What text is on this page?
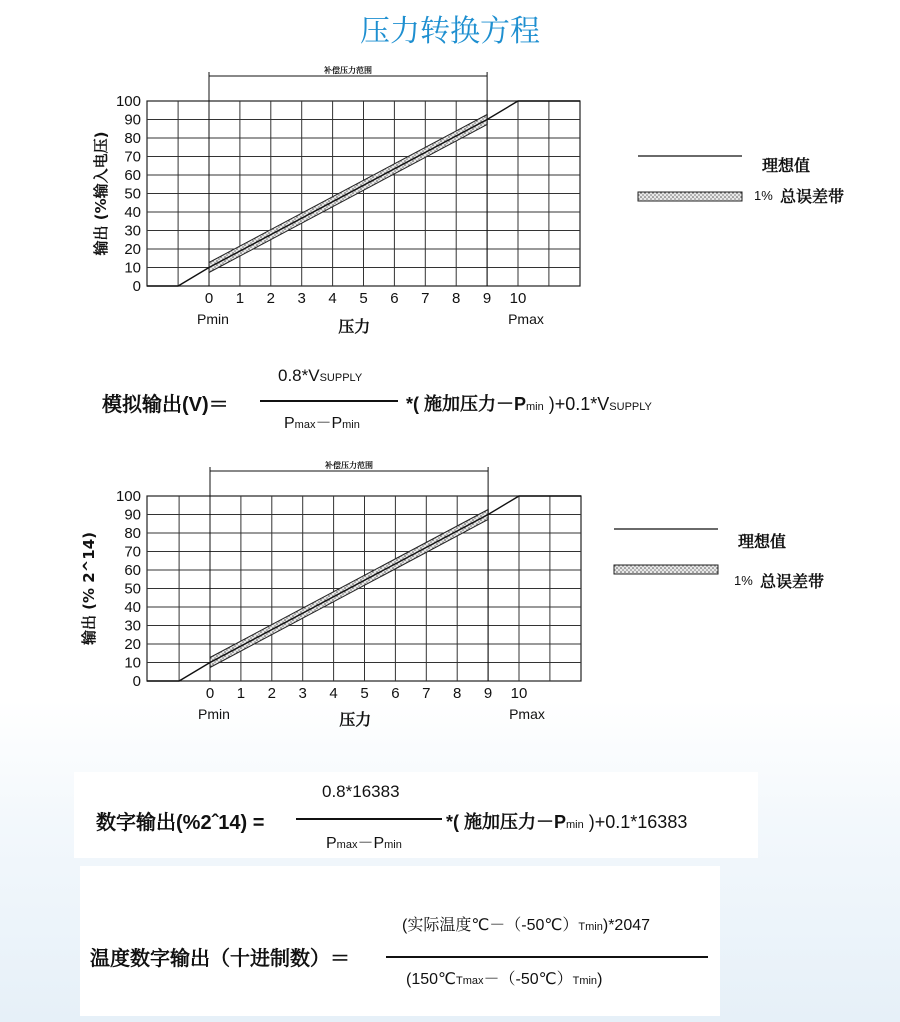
压力转换方程
0
10
20
30
40
50
60
70
80
90
100
0 1 2 3 4 5 6 7 8 9 10
Pmin	Pmax
压力
输出 (%输入电压)
补偿压力范围
理想值
1% 总误差带
0
10
20
30
40
50
60
70
80
90
100
0 1 2 3 4 5 6 7 8 9 10
Pmin	Pmax
压力
输出 (% 2^14)
补偿压力范围
理想值
1% 总误差带
模拟输出(V)＝
0.8*VSUPPLY
Pmax－Pmin
*( 施加压力－Pmin )+0.1*VSUPPLY
数字输出(%2ˆ14) =
0.8*16383
Pmax－Pmin
*( 施加压力－Pmin )+0.1*16383
温度数字输出（十进制数）＝
(实际温度℃－（-50℃）Tmin)*2047
(150℃Tmax－（-50℃）Tmin)
